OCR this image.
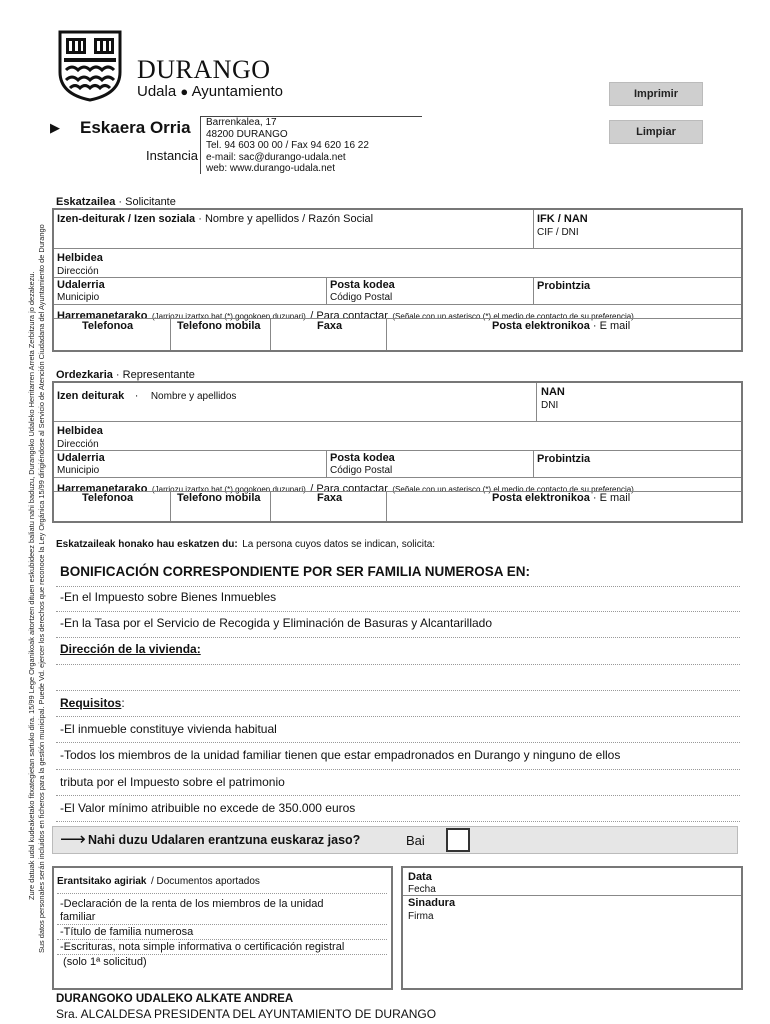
DURANGO
Udala ● Ayuntamiento	Imprimir
Limpiar
▶ Eskaera Orria
Instancia
Barrenkalea, 17
48200 DURANGO
Tel. 94 603 00 00 / Fax 94 620 16 22
e-mail: sac@durango-udala.net
web: www.durango-udala.net
Zure datuak udal kudeaketako fitxategietan sartuko dira. 15/99 Lege Organikoak aitortzen dituen eskubideez baliatu nahi baduzu, Durangoko Udaleko Herritarren Arreta Zerbitzura jo dezakezu. Sus datos personales serán incluidos en ficheros para la gestión municipal. Puede Vd. ejercer los derechos que reconoce la Ley Orgánica 15/99 dirigiéndose al Servicio de Atención Ciudadana del Ayuntamiento de Durango
Eskatzailea · Solicitante
Izen-deiturak / Izen soziala · Nombre y apellidos / Razón Social	IFK / NAN
CIF / DNI
Helbidea
Dirección
Udalerria
Municipio
Posta kodea
Código Postal
Probintzia
Harremanetarako (Jarriozu izartxo bat (*) gogokoen duzunari) / Para contactar (Señale con un asterisco (*) el medio de contacto de su preferencia)
Telefonoa	Telefono mobila	Faxa	Posta elektronikoa · E mail
Ordezkaria · Representante
Izen deiturak · Nombre y apellidos	NAN
DNI
Helbidea
Dirección
Udalerria
Municipio
Posta kodea
Código Postal
Probintzia
Harremanetarako (Jarriozu izartxo bat (*) gogokoen duzunari) / Para contactar (Señale con un asterisco (*) el medio de contacto de su preferencia)
Telefonoa	Telefono mobila	Faxa	Posta elektronikoa · E mail
Eskatzaileak honako hau eskatzen du: La persona cuyos datos se indican, solicita:
BONIFICACIÓN CORRESPONDIENTE POR SER FAMILIA NUMEROSA EN:
-En el Impuesto sobre Bienes Inmuebles
-En la Tasa por el Servicio de Recogida y Eliminación de Basuras y Alcantarillado
Dirección de la vivienda:
Requisitos:
-El inmueble constituye vivienda habitual
-Todos los miembros de la unidad familiar tienen que estar empadronados en Durango y ninguno de ellos
tributa por el Impuesto sobre el patrimonio
-El Valor mínimo atribuible no excede de 350.000 euros
⟶ Nahi duzu Udalaren erantzuna euskaraz jaso?	Bai
Erantsitako agiriak / Documentos aportados
-Declaración de la renta de los miembros de la unidad
familiar
-Título de familia numerosa
-Escrituras, nota simple informativa o certificación registral
(solo 1ª solicitud)
Data
Fecha
Sinadura
Firma
DURANGOKO UDALEKO ALKATE ANDREA
Sra. ALCALDESA PRESIDENTA DEL AYUNTAMIENTO DE DURANGO
